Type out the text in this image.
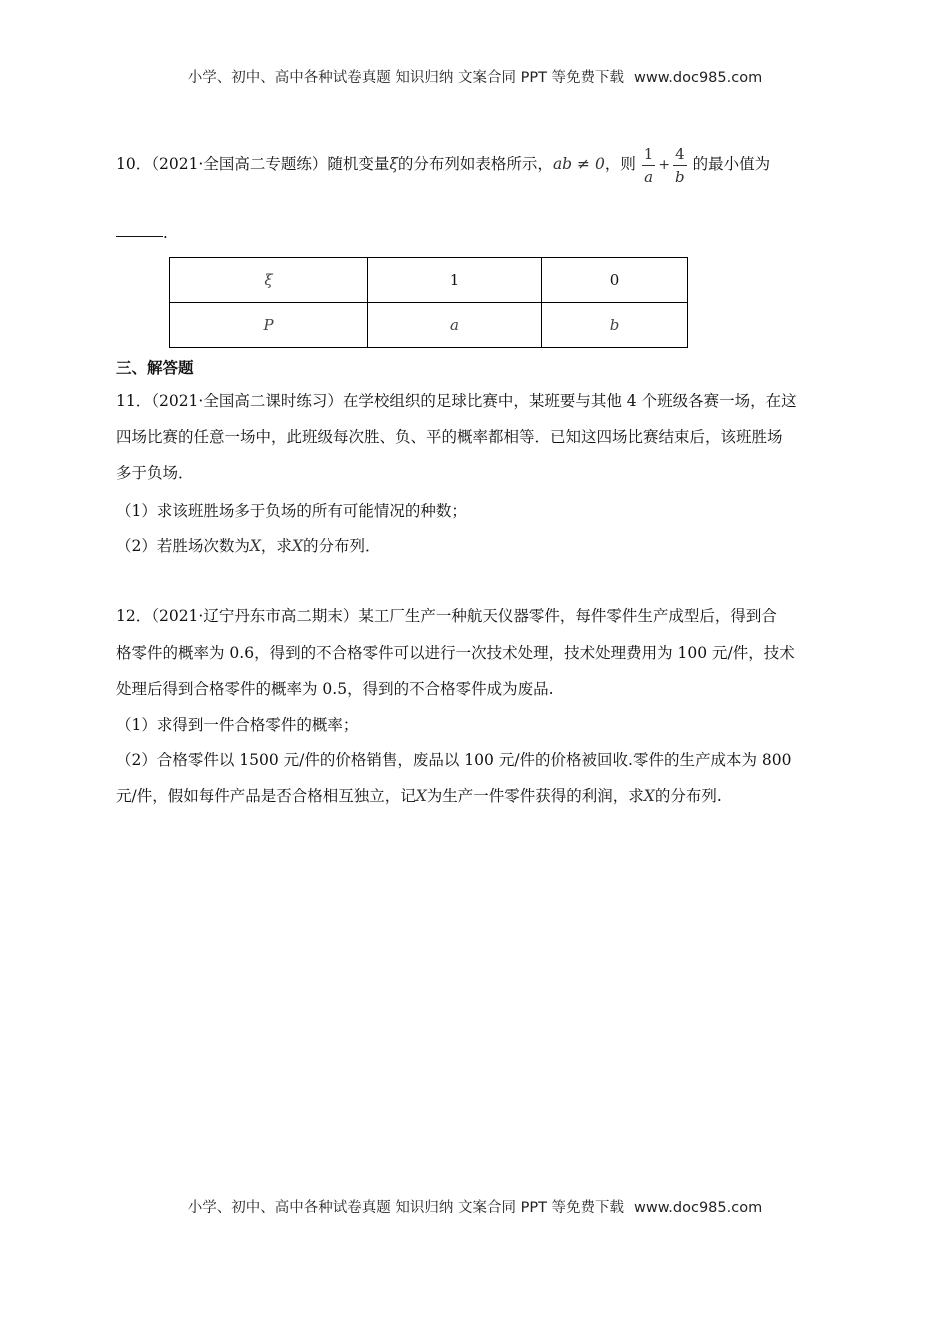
小学、初中、高中各种试卷真题 知识归纳 文案合同 PPT 等免费下载 www.doc985.com
10．（2021·全国高二专题练）随机变量ξ的分布列如表格所示，ab ≠ 0，则 $\frac{1}{a} + \frac{4}{b}$ 的最小值为
.
ξ	1	0
P	a	b
三、解答题
11．（2021·全国高二课时练习）在学校组织的足球比赛中，某班要与其他 4 个班级各赛一场，在这
四场比赛的任意一场中，此班级每次胜、负、平的概率都相等．已知这四场比赛结束后，该班胜场
多于负场．
（1）求该班胜场多于负场的所有可能情况的种数；
（2）若胜场次数为X，求X的分布列．
12．（2021·辽宁丹东市高二期末）某工厂生产一种航天仪器零件，每件零件生产成型后，得到合
格零件的概率为 0.6，得到的不合格零件可以进行一次技术处理，技术处理费用为 100 元/件，技术
处理后得到合格零件的概率为 0.5，得到的不合格零件成为废品.
（1）求得到一件合格零件的概率；
（2）合格零件以 1500 元/件的价格销售，废品以 100 元/件的价格被回收.零件的生产成本为 800
元/件，假如每件产品是否合格相互独立，记X为生产一件零件获得的利润，求X的分布列.
小学、初中、高中各种试卷真题 知识归纳 文案合同 PPT 等免费下载 www.doc985.com
